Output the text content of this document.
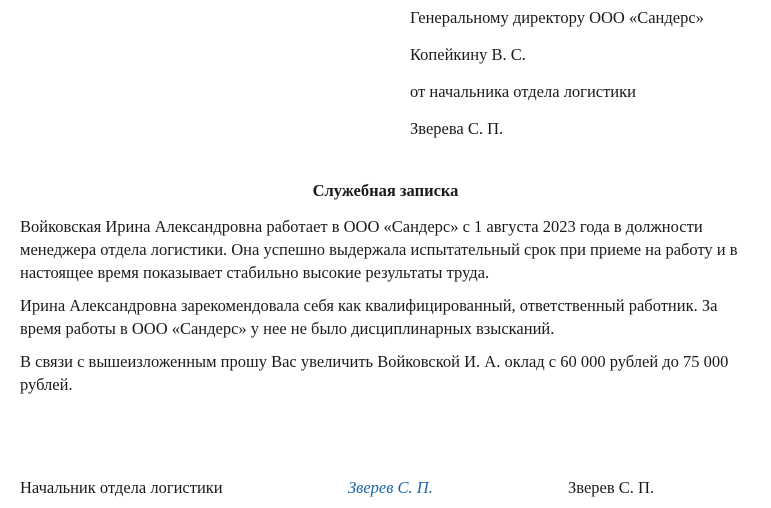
Генеральному директору ООО «Сандерс»
Копейкину В. С.
от начальника отдела логистики
Зверева С. П.
Служебная записка

Войковская Ирина Александровна работает в ООО «Сандерс» с 1 августа 2023 года в должности менеджера отдела логистики. Она успешно выдержала испытательный срок при приеме на работу и в настоящее время показывает стабильно высокие результаты труда.

Ирина Александровна зарекомендовала себя как квалифицированный, ответственный работник. За время работы в ООО «Сандерс» у нее не было дисциплинарных взысканий.

В связи с вышеизложенным прошу Вас увеличить Войковской И. А. оклад с 60 000 рублей до 75 000 рублей.

Начальник отдела логистики	Зверев С. П.	Зверев С. П.
